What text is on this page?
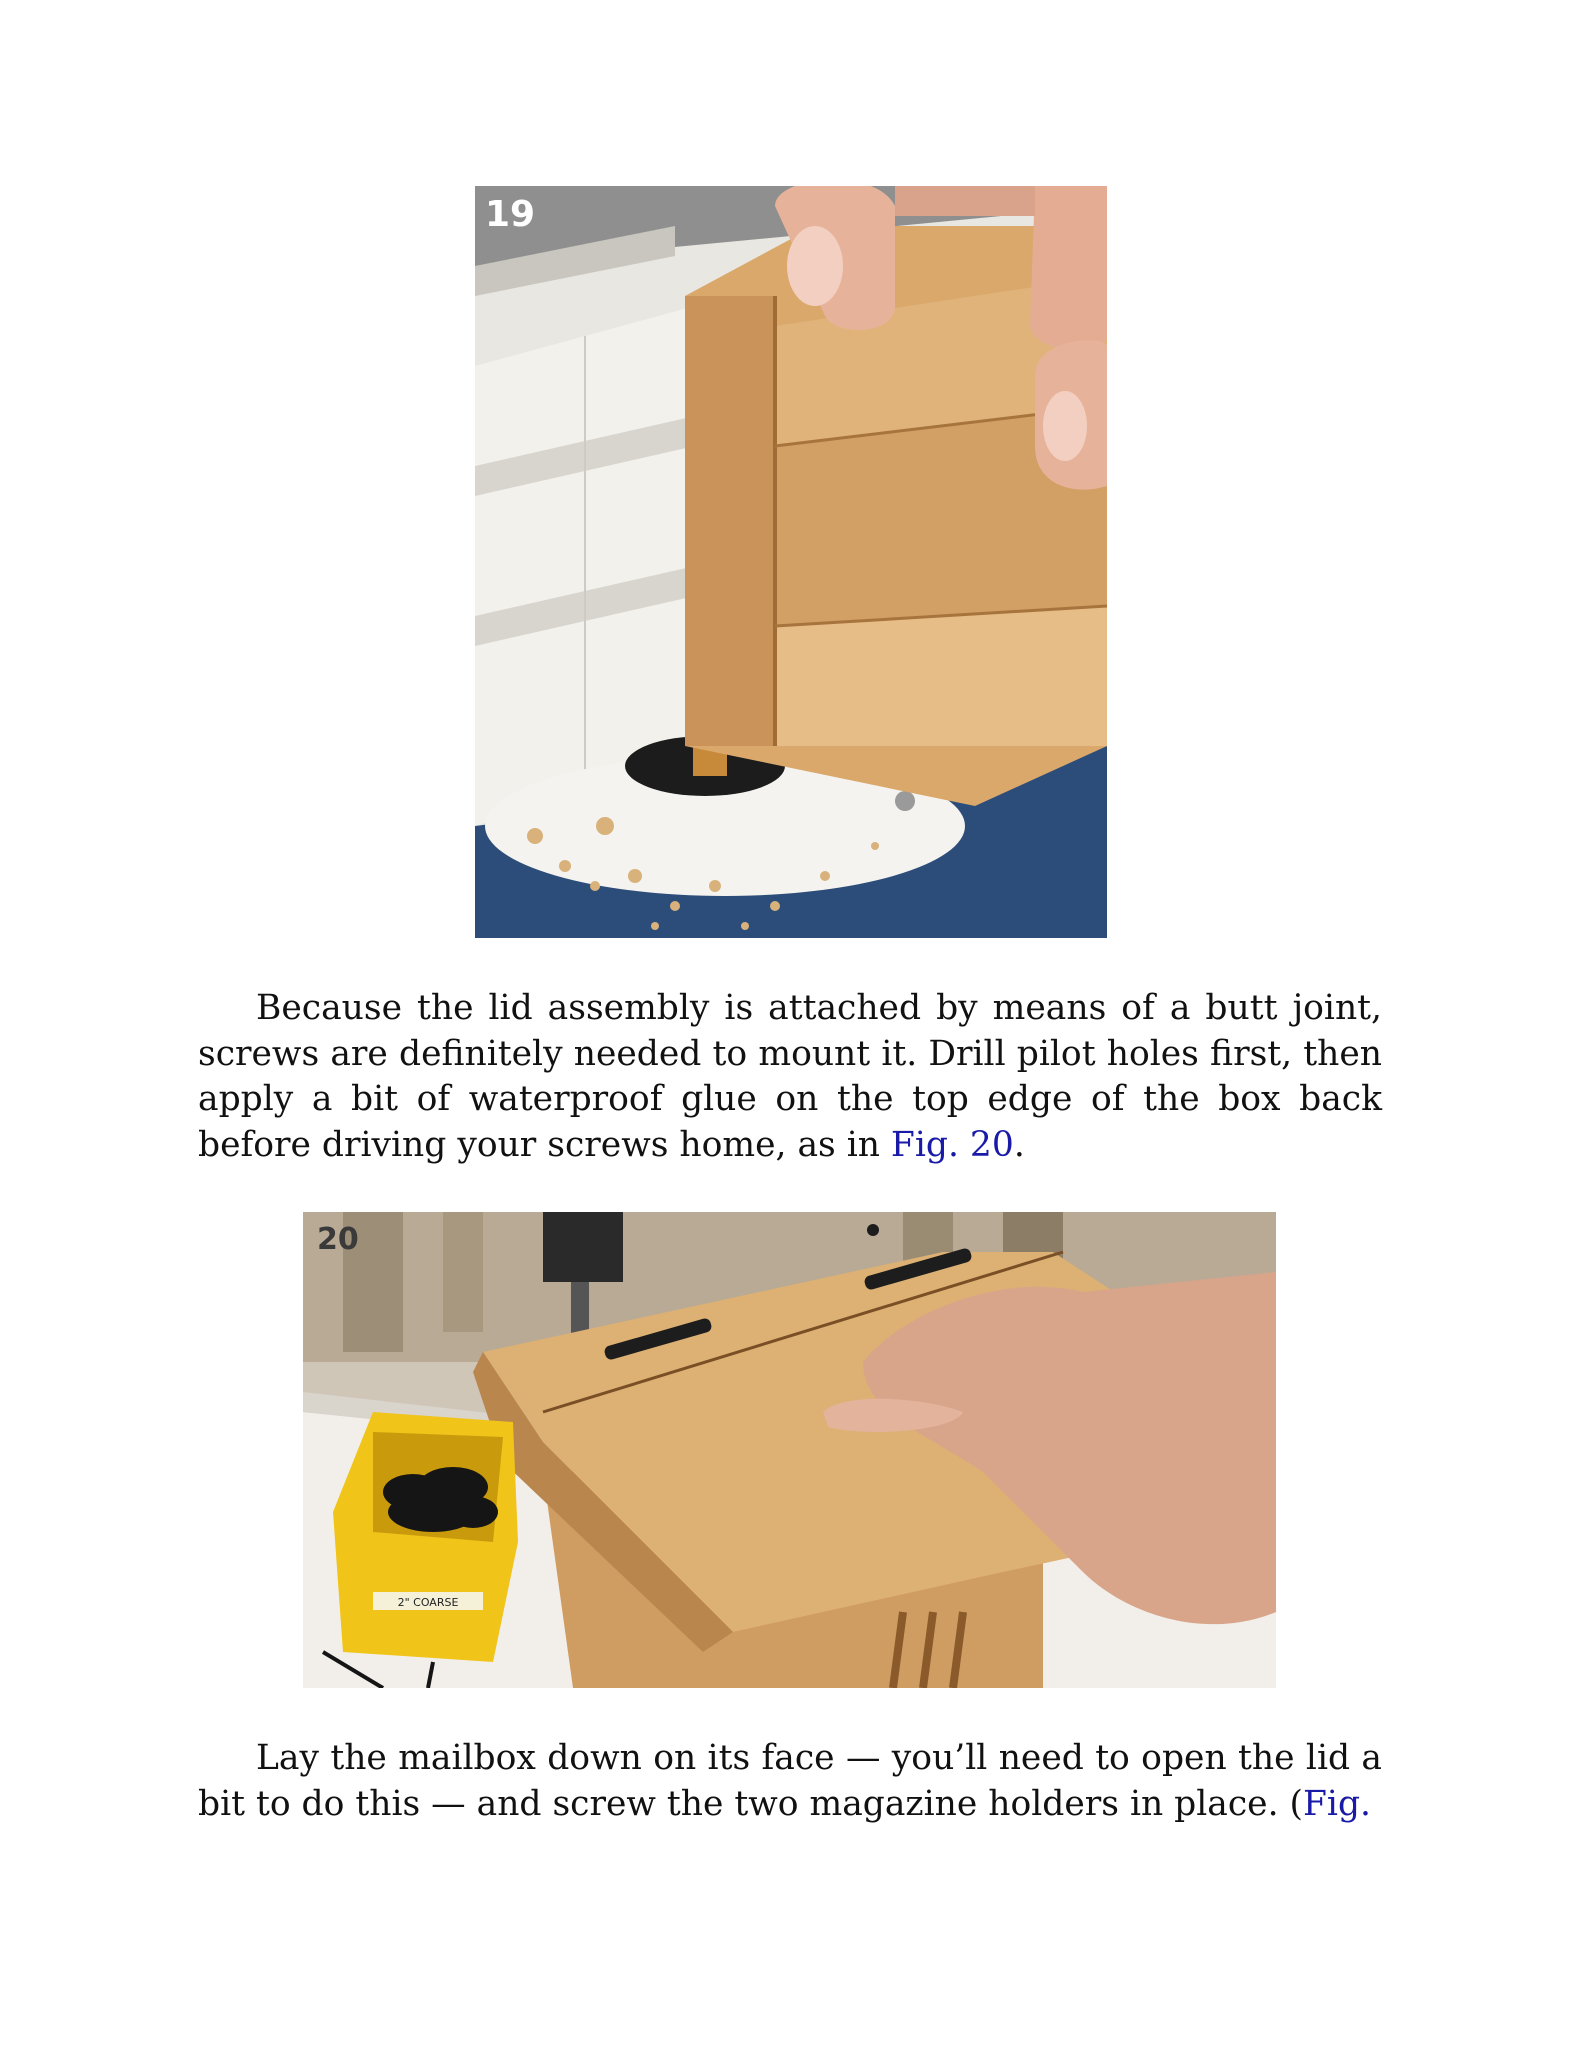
19

Because the lid assembly is attached by means of a butt joint, screws are definitely needed to mount it. Drill pilot holes first, then apply a bit of waterproof glue on the top edge of the box back before driving your screws home, as in Fig. 20.

2" COARSE
20

Lay the mailbox down on its face — you’ll need to open the lid a bit to do this — and screw the two magazine holders in place. (Fig.
